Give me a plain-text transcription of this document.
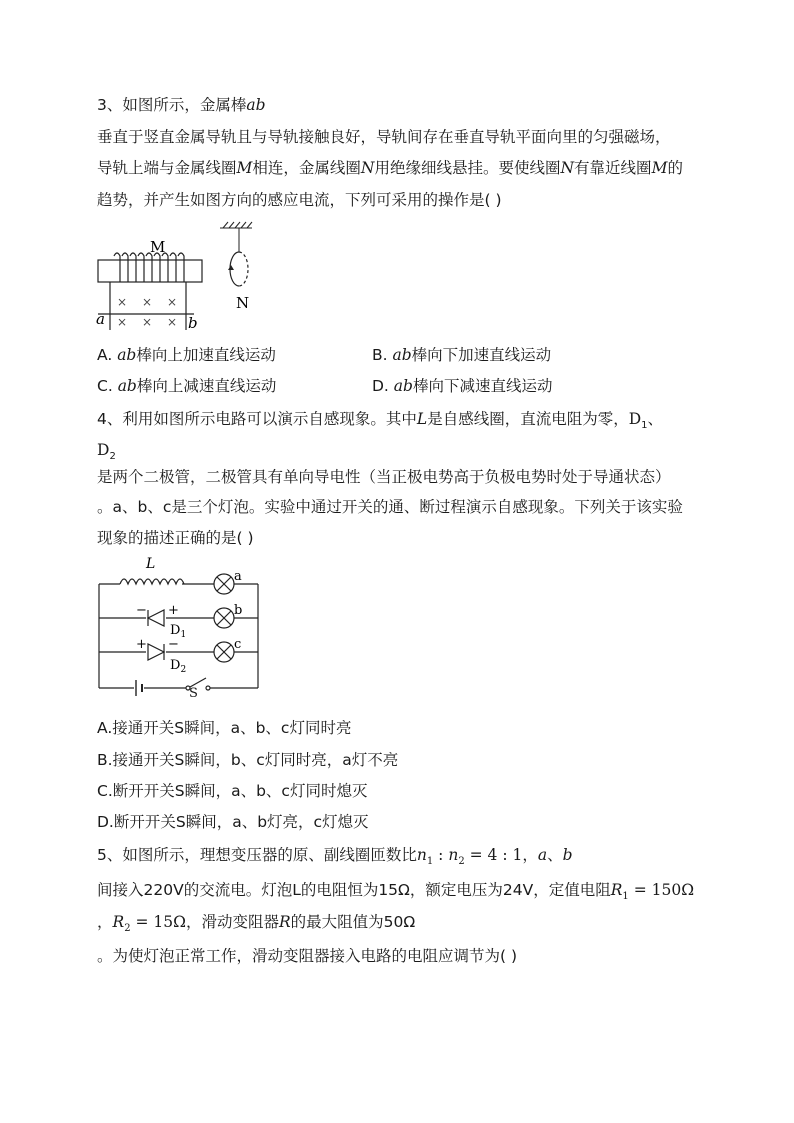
3、如图所示，金属棒ab
垂直于竖直金属导轨且与导轨接触良好，导轨间存在垂直导轨平面向里的匀强磁场，
导轨上端与金属线圈M相连，金属线圈N用绝缘细线悬挂。要使线圈N有靠近线圈M的
趋势，并产生如图方向的感应电流，下列可采用的操作是( )
N
M
× × ×
× × ×
a	b
A. ab棒向上加速直线运动	B. ab棒向下加速直线运动
C. ab棒向上减速直线运动	D. ab棒向下减速直线运动
4、利用如图所示电路可以演示自感现象。其中L是自感线圈，直流电阻为零，$D_1$、
$D_2$
是两个二极管，二极管具有单向导电性（当正极电势高于负极电势时处于导通状态）
。a、b、c是三个灯泡。实验中通过开关的通、断过程演示自感现象。下列关于该实验
现象的描述正确的是( )
L
a
b
c
− +
$D_1$
+ −
$D_2$
S
A.接通开关S瞬间，a、b、c灯同时亮
B.接通开关S瞬间，b、c灯同时亮，a灯不亮
C.断开开关S瞬间，a、b、c灯同时熄灭
D.断开开关S瞬间，a、b灯亮，c灯熄灭
5、如图所示，理想变压器的原、副线圈匝数比$n_1$ : $n_2 = 4$ : 1，a、b
间接入220V的交流电。灯泡L的电阻恒为15Ω，额定电压为24V，定值电阻$R_1 = 150\Omega$
，$R_2 = 15\Omega$，滑动变阻器R的最大阻值为50Ω
。为使灯泡正常工作，滑动变阻器接入电路的电阻应调节为( )
